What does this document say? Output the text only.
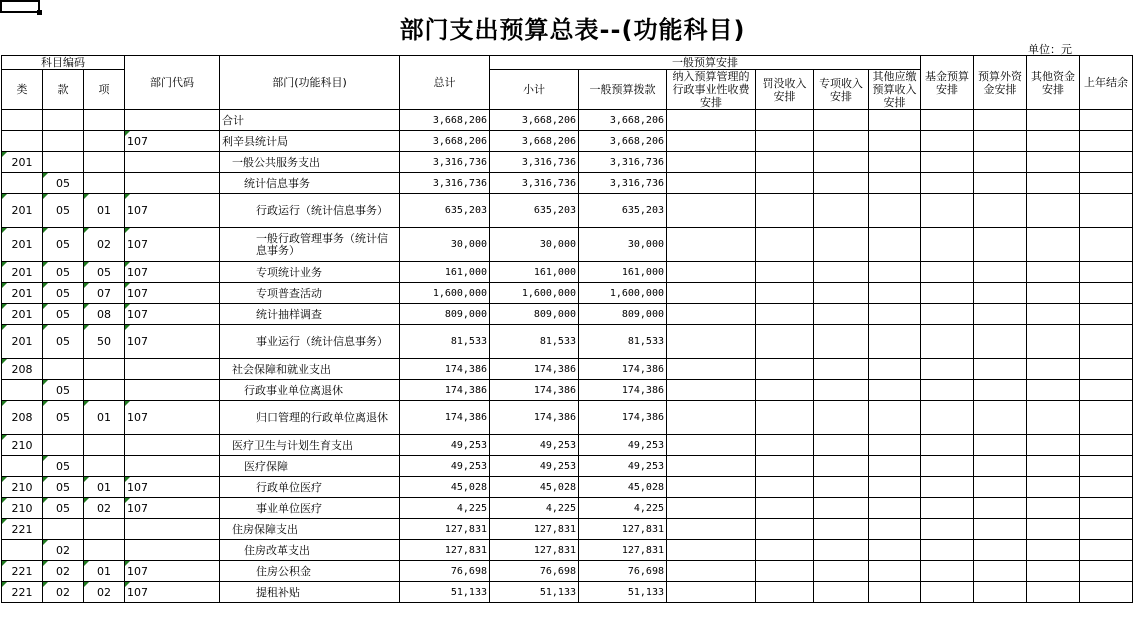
部门支出预算总表--(功能科目)
单位：元
科目编码			部门代码	部门(功能科目)	总计	一般预算安排						基金预算安排	预算外资金安排	其他资金安排	上年结余
类	款	项				小计	一般预算拨款	纳入预算管理的行政事业性收费安排	罚没收入安排	专项收入安排	其他应缴预算收入安排				
				合计	3,668,206	3,668,206	3,668,206								
			107	利辛县统计局	3,668,206	3,668,206	3,668,206								
201				一般公共服务支出	3,316,736	3,316,736	3,316,736								
	05			统计信息事务	3,316,736	3,316,736	3,316,736								
201	05	01	107	行政运行（统计信息事务）	635,203	635,203	635,203								
201	05	02	107	一般行政管理事务（统计信息事务）	30,000	30,000	30,000								
201	05	05	107	专项统计业务	161,000	161,000	161,000								
201	05	07	107	专项普查活动	1,600,000	1,600,000	1,600,000								
201	05	08	107	统计抽样调查	809,000	809,000	809,000								
201	05	50	107	事业运行（统计信息事务）	81,533	81,533	81,533								
208				社会保障和就业支出	174,386	174,386	174,386								
	05			行政事业单位离退休	174,386	174,386	174,386								
208	05	01	107	归口管理的行政单位离退休	174,386	174,386	174,386								
210				医疗卫生与计划生育支出	49,253	49,253	49,253								
	05			医疗保障	49,253	49,253	49,253								
210	05	01	107	行政单位医疗	45,028	45,028	45,028								
210	05	02	107	事业单位医疗	4,225	4,225	4,225								
221				住房保障支出	127,831	127,831	127,831								
	02			住房改革支出	127,831	127,831	127,831								
221	02	01	107	住房公积金	76,698	76,698	76,698								
221	02	02	107	提租补贴	51,133	51,133	51,133								
